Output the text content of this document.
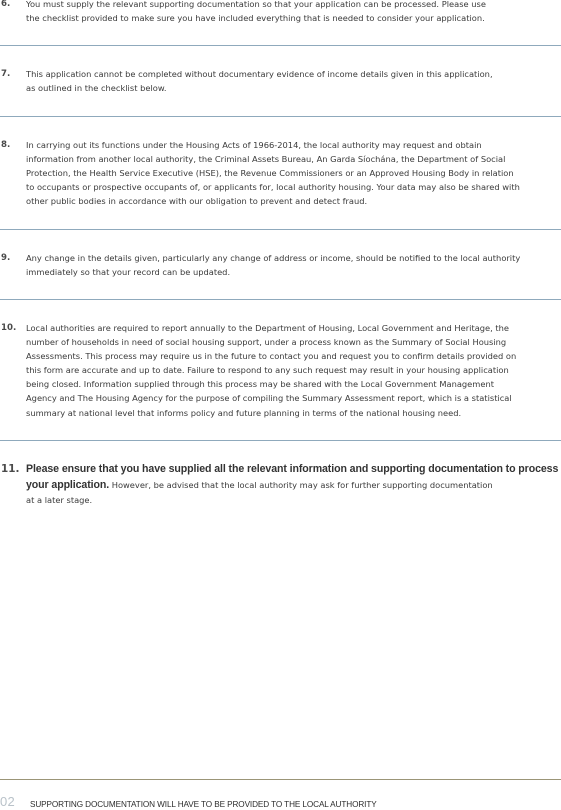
6. You must supply the relevant supporting documentation so that your application can be processed. Please use
the checklist provided to make sure you have included everything that is needed to consider your application.
7. This application cannot be completed without documentary evidence of income details given in this application,
as outlined in the checklist below.
8. In carrying out its functions under the Housing Acts of 1966-2014, the local authority may request and obtain
information from another local authority, the Criminal Assets Bureau, An Garda Síochána, the Department of Social
Protection, the Health Service Executive (HSE), the Revenue Commissioners or an Approved Housing Body in relation
to occupants or prospective occupants of, or applicants for, local authority housing. Your data may also be shared with
other public bodies in accordance with our obligation to prevent and detect fraud.
9. Any change in the details given, particularly any change of address or income, should be notified to the local authority
immediately so that your record can be updated.
10. Local authorities are required to report annually to the Department of Housing, Local Government and Heritage, the
number of households in need of social housing support, under a process known as the Summary of Social Housing
Assessments. This process may require us in the future to contact you and request you to confirm details provided on
this form are accurate and up to date. Failure to respond to any such request may result in your housing application
being closed. Information supplied through this process may be shared with the Local Government Management
Agency and The Housing Agency for the purpose of compiling the Summary Assessment report, which is a statistical
summary at national level that informs policy and future planning in terms of the national housing need.
11. Please ensure that you have supplied all the relevant information and supporting documentation to process
your application. However, be advised that the local authority may ask for further supporting documentation
at a later stage.
02 SUPPORTING DOCUMENTATION WILL HAVE TO BE PROVIDED TO THE LOCAL AUTHORITY
